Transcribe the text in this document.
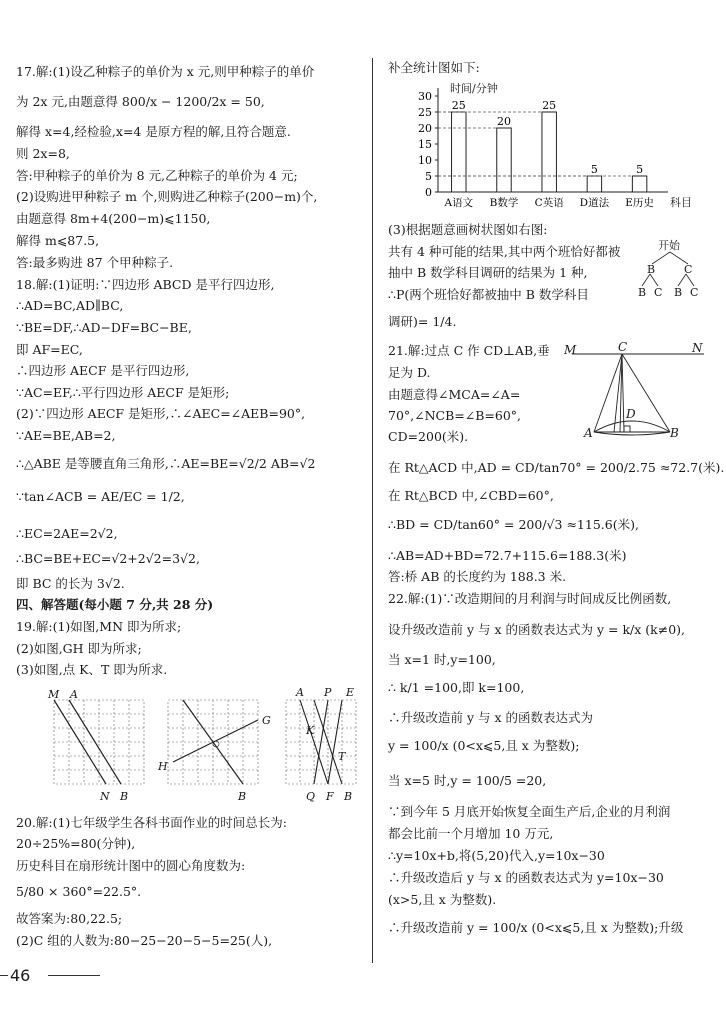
17.解:(1)设乙种粽子的单价为 x 元,则甲种粽子的单价
为 2x 元,由题意得 800/x − 1200/2x = 50,
解得 x=4,经检验,x=4 是原方程的解,且符合题意.
则 2x=8,
答:甲种粽子的单价为 8 元,乙种粽子的单价为 4 元;
(2)设购进甲种粽子 m 个,则购进乙种粽子(200−m)个,
由题意得 8m+4(200−m)⩽1150,
解得 m⩽87.5,
答:最多购进 87 个甲种粽子.
18.解:(1)证明:∵四边形 ABCD 是平行四边形,
∴AD=BC,AD∥BC,
∵BE=DF,∴AD−DF=BC−BE,
即 AF=EC,
∴四边形 AECF 是平行四边形,
∵AC=EF,∴平行四边形 AECF 是矩形;
(2)∵四边形 AECF 是矩形,∴∠AEC=∠AEB=90°,
∵AE=BE,AB=2,
∴△ABE 是等腰直角三角形,∴AE=BE=√2/2 AB=√2
∵tan∠ACB = AE/EC = 1/2,
∴EC=2AE=2√2,
∴BC=BE+EC=√2+2√2=3√2,
即 BC 的长为 3√2.
四、解答题(每小题 7 分,共 28 分)
19.解:(1)如图,MN 即为所求;
(2)如图,GH 即为所求;
(3)如图,点 K、T 即为所求.
20.解:(1)七年级学生各科书面作业的时间总长为:
20÷25%=80(分钟),
历史科目在扇形统计图中的圆心角度数为:
5/80 × 360°=22.5°.
故答案为:80,22.5;
(2)C 组的人数为:80−25−20−5−5=25(人),
M A
N B
G
H
B
A P E
K
T
Q F B
补全统计图如下:
(3)根据题意画树状图如右图:
共有 4 种可能的结果,其中两个班恰好都被
抽中 B 数学科目调研的结果为 1 种,
∴P(两个班恰好都被抽中 B 数学科目
调研)= 1/4.
21.解:过点 C 作 CD⊥AB,垂
足为 D.
由题意得∠MCA=∠A=
70°,∠NCB=∠B=60°,
CD=200(米).
在 Rt△ACD 中,AD = CD/tan70° = 200/2.75 ≈72.7(米).
在 Rt△BCD 中,∠CBD=60°,
∴BD = CD/tan60° = 200/√3 ≈115.6(米),
∴AB=AD+BD=72.7+115.6=188.3(米)
答:桥 AB 的长度约为 188.3 米.
22.解:(1)∵改造期间的月利润与时间成反比例函数,
设升级改造前 y 与 x 的函数表达式为 y = k/x (k≠0),
当 x=1 时,y=100,
∴ k/1 =100,即 k=100,
∴升级改造前 y 与 x 的函数表达式为
y = 100/x (0<x⩽5,且 x 为整数);
当 x=5 时,y = 100/5 =20,
∵到今年 5 月底开始恢复全面生产后,企业的月利润
都会比前一个月增加 10 万元,
∴y=10x+b,将(5,20)代入,y=10x−30
∴升级改造后 y 与 x 的函数表达式为 y=10x−30
(x>5,且 x 为整数).
∴升级改造前 y = 100/x (0<x⩽5,且 x 为整数);升级
时间/分钟
科目
0
5
10
15
20
25
30
25
A语文
20
B数学
25
C英语
5
D道法
5
E历史
开始
B	C
B C B C
M	C	N
D
A	B
46
